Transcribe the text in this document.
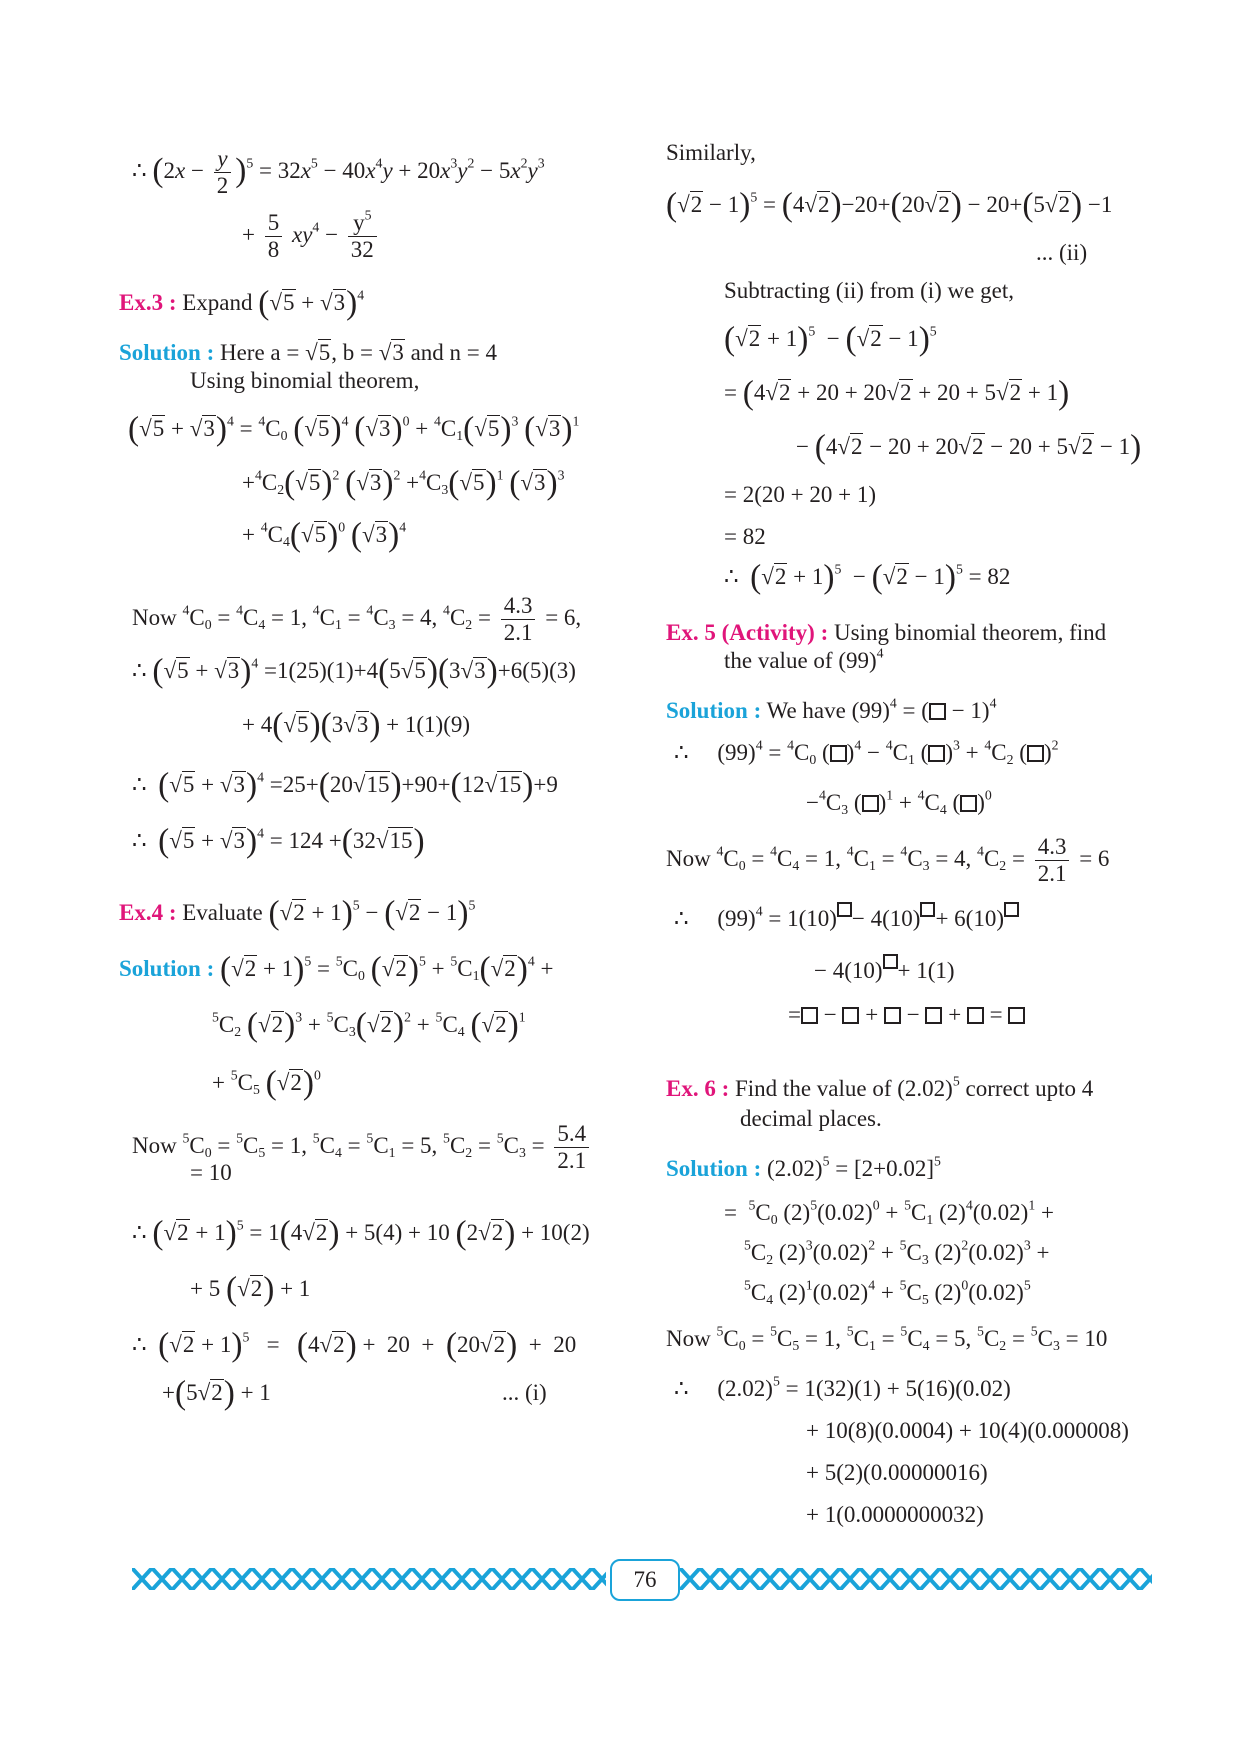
∴ $(2x - \frac{y}{2} )^5 = 32x^5 - 40x^4y + 20x^3y^2 - 5x^2y^3$
+ $\frac{5}{8} xy^4 - \frac{y^5}{32}$
Ex.3 : Expand $(√5 + √3)^4$
Solution : Here a = √5, b = √3 and n = 4
Using binomial theorem,
$(√5 + √3)^4 = ^4C_0$ $(√5)^4$ $(√3)^0 + ^4C_1(√5)^3$ $(√3)^1$
$+^4C_2(√5)^2$ $(√3)^2 +^4C_3(√5)^1$ $(√3)^3$
+ $^4C_4(√5)^0$ $(√3)^4$
Now $^4C_0 = ^4C_4 = 1$, $^4C_1 = ^4C_3 = 4$, $^4C_2 = \frac{4.3}{2.1} = 6$,
∴ $(√5 + √3)^4 =1(25)(1)+4(5√5)(3√3)+6(5)(3)$
+ 4(√5)(3√3) + 1(1)(9)
∴  $(√5 + √3)^4 =25+(20√15)+90+(12√15)+9$
∴  $(√5 + √3)^4 = 124 +(32√15)$
Ex.4 : Evaluate $(√2 + 1)^5 - (√2 - 1)^5$
Solution : $(√2 + 1)^5 = ^5C_0$ $(√2)^5 + ^5C_1(√2)^4$ +
$^5C_2$ $(√2)^3 + ^5C_3(√2)^2 + ^5C_4$ $(√2)^1$
+ $^5C_5$ $(√2)^0$
Now $^5C_0 = ^5C_5 = 1$, $^5C_4 = ^5C_1 = 5$, $^5C_2 = ^5C_3 = \frac{5.4}{2.1}$
= 10
∴ $(√2 + 1)^5 = 1(4√2) + 5(4) + 10$ (2√2) + 10(2)
+ 5 (√2) + 1
∴  $(√2 + 1)^5 = (4√2) + 20 + (20√2) + 20$
+(5√2) + 1	... (i)
Similarly,
$(√2 - 1)^5 = (4√2)-20+(20√2) - 20+(5√2) -1$
... (ii)
Subtracting (ii) from (i) we get,
$(√2 + 1)^5 - (√2 - 1)^5$
= (4√2 + 20 + 20√2 + 20 + 5√2 + 1)
− (4√2 − 20 + 20√2 − 20 + 5√2 − 1)
= 2(20 + 20 + 1)
= 82
∴  $(√2 + 1)^5 - (√2 - 1)^5 = 82$
Ex. 5 (Activity) : Using binomial theorem, find
the value of $(99)^4$
Solution : We have $(99)^4$ = ( − 1)$^4$
∴     $(99)^4 = ^4C_0$ ( )$^4 - ^4C_1$ ( )$^3 + ^4C_2$ ( )$^2$
$-^4C_3$ ( )$^1 + ^4C_4$ ( )$^0$
Now $^4C_0 = ^4C_4 = 1$, $^4C_1 = ^4C_3 = 4$, $^4C_2 = \frac{4.3}{2.1} = 6$
∴     $(99)^4 = 1(10) - 4(10) + 6(10)$
− 4(10) + 1(1)
= −  +  −  +  =
Ex. 6 : Find the value of $(2.02)^5$ correct upto 4
decimal places.
Solution : $(2.02)^5 = [2+0.02]^5$
=  $^5C_0$ $(2)^5(0.02)^0 + ^5C_1$ $(2)^4(0.02)^1$ +
$^5C_2$ $(2)^3(0.02)^2 + ^5C_3$ $(2)^2(0.02)^3$ +
$^5C_4$ $(2)^1(0.02)^4 + ^5C_5$ $(2)^0(0.02)^5$
Now $^5C_0 = ^5C_5 = 1$, $^5C_1 = ^5C_4 = 5$, $^5C_2 = ^5C_3 = 10$
∴     $(2.02)^5 = 1(32)(1) + 5(16)(0.02)$
+ 10(8)(0.0004) + 10(4)(0.000008)
+ 5(2)(0.00000016)
+ 1(0.0000000032)
76
